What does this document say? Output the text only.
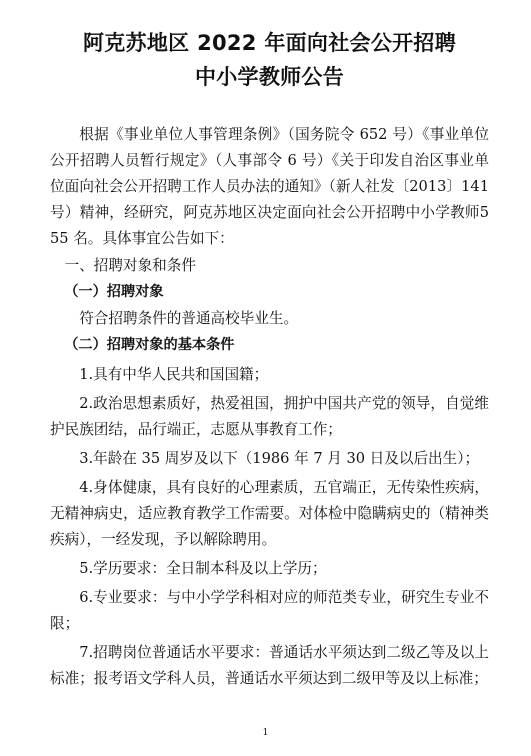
阿克苏地区 2022 年面向社会公开招聘
中小学教师公告

根据《事业单位人事管理条例》（国务院令 652 号）《事业单位公开招聘人员暂行规定》（人事部令 6 号）《关于印发自治区事业单位面向社会公开招聘工作人员办法的通知》（新人社发〔2013〕141号）精神，经研究，阿克苏地区决定面向社会公开招聘中小学教师555 名。具体事宜公告如下：

一、招聘对象和条件

（一）招聘对象

符合招聘条件的普通高校毕业生。

（二）招聘对象的基本条件

1.具有中华人民共和国国籍；

2.政治思想素质好，热爱祖国，拥护中国共产党的领导，自觉维护民族团结，品行端正，志愿从事教育工作；

3.年龄在 35 周岁及以下（1986 年 7 月 30 日及以后出生）；

4.身体健康，具有良好的心理素质，五官端正，无传染性疾病，无精神病史，适应教育教学工作需要。对体检中隐瞒病史的（精神类疾病），一经发现，予以解除聘用。

5.学历要求：全日制本科及以上学历；

6.专业要求：与中小学学科相对应的师范类专业，研究生专业不限；

7.招聘岗位普通话水平要求：普通话水平须达到二级乙等及以上标准；报考语文学科人员，普通话水平须达到二级甲等及以上标准；

1
